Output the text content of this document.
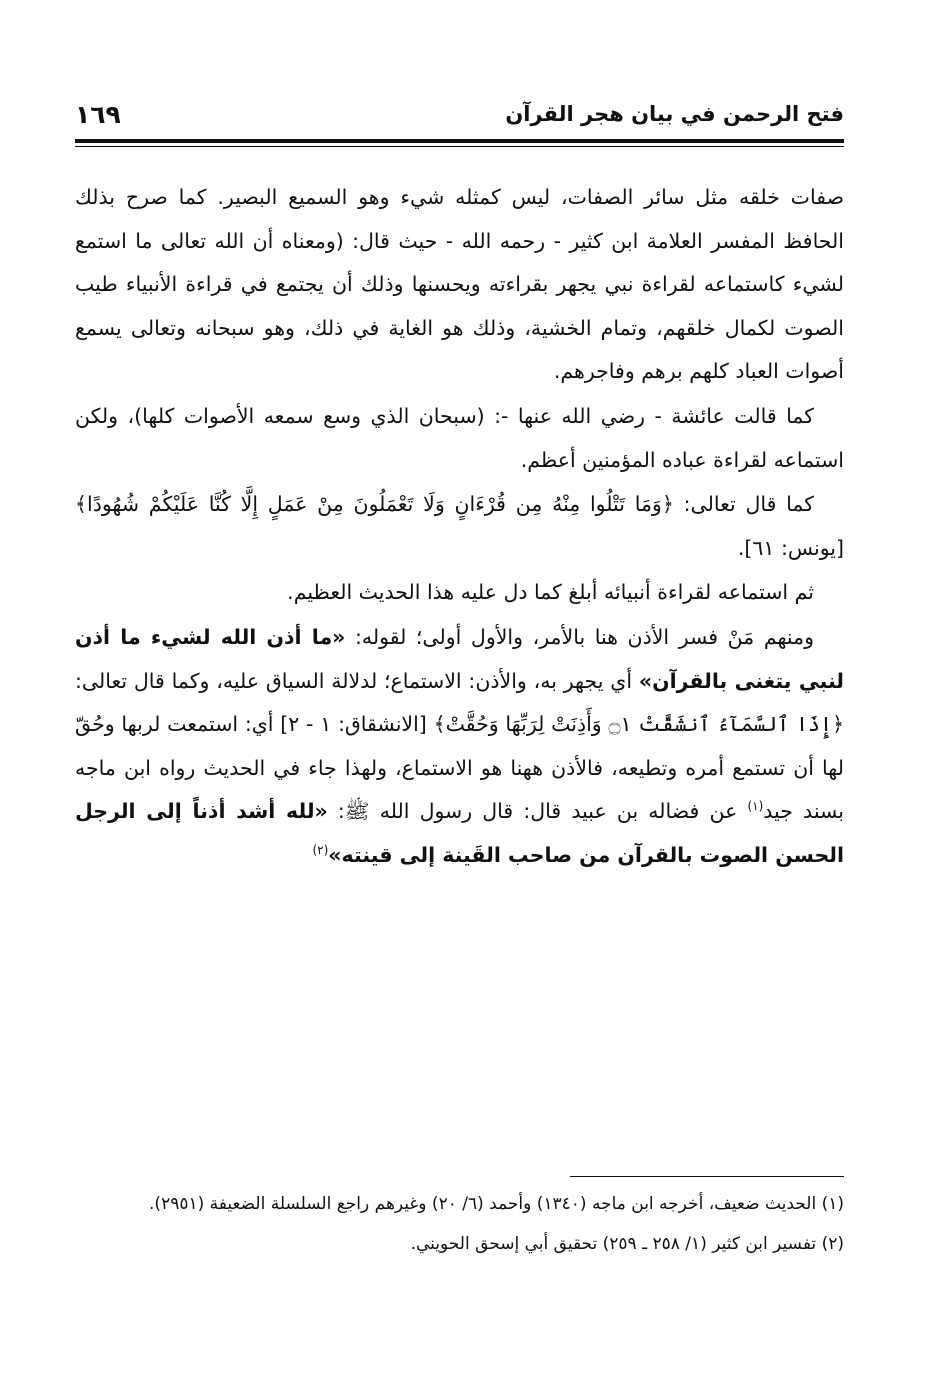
فتح الرحمن في بيان هجر القرآن
١٦٩

صفات خلقه مثل سائر الصفات، ليس كمثله شيء وهو السميع البصير. كما صرح بذلك الحافظ المفسر العلامة ابن كثير - رحمه الله - حيث قال: (ومعناه أن الله تعالى ما استمع لشيء كاستماعه لقراءة نبي يجهر بقراءته ويحسنها وذلك أن يجتمع في قراءة الأنبياء طيب الصوت لكمال خلقهم، وتمام الخشية، وذلك هو الغاية في ذلك، وهو سبحانه وتعالى يسمع أصوات العباد كلهم برهم وفاجرهم.

كما قالت عائشة - رضي الله عنها -: (سبحان الذي وسع سمعه الأصوات كلها)، ولكن استماعه لقراءة عباده المؤمنين أعظم.

كما قال تعالى: ﴿وَمَا تَتْلُوا مِنْهُ مِن قُرْءَانٍ وَلَا تَعْمَلُونَ مِنْ عَمَلٍ إِلَّا كُنَّا عَلَيْكُمْ شُهُودًا﴾ [يونس: ٦١].

ثم استماعه لقراءة أنبيائه أبلغ كما دل عليه هذا الحديث العظيم.

ومنهم مَنْ فسر الأذن هنا بالأمر، والأول أولى؛ لقوله: «ما أذن الله لشيء ما أذن لنبي يتغنى بالقرآن» أي يجهر به، والأذن: الاستماع؛ لدلالة السياق عليه، وكما قال تعالى: ﴿إِذَا ٱلسَّمَآءُ ٱنشَقَّتْ ۝١ وَأَذِنَتْ لِرَبِّهَا وَحُقَّتْ﴾ [الانشقاق: ١ - ٢] أي: استمعت لربها وحُقّ لها أن تستمع أمره وتطيعه، فالأذن ههنا هو الاستماع، ولهذا جاء في الحديث رواه ابن ماجه بسند جيد$^{(١)}$ عن فضاله بن عبيد قال: قال رسول الله ﷺ: «لله أشد أذناً إلى الرجل الحسن الصوت بالقرآن من صاحب القَينة إلى قينته»$^{(٢)}$

(١) الحديث ضعيف، أخرجه ابن ماجه (١٣٤٠) وأحمد (٦/ ٢٠) وغيرهم راجع السلسلة الضعيفة (٢٩٥١).

(٢) تفسير ابن كثير (١/ ٢٥٨ ـ ٢٥٩) تحقيق أبي إسحق الحويني.
